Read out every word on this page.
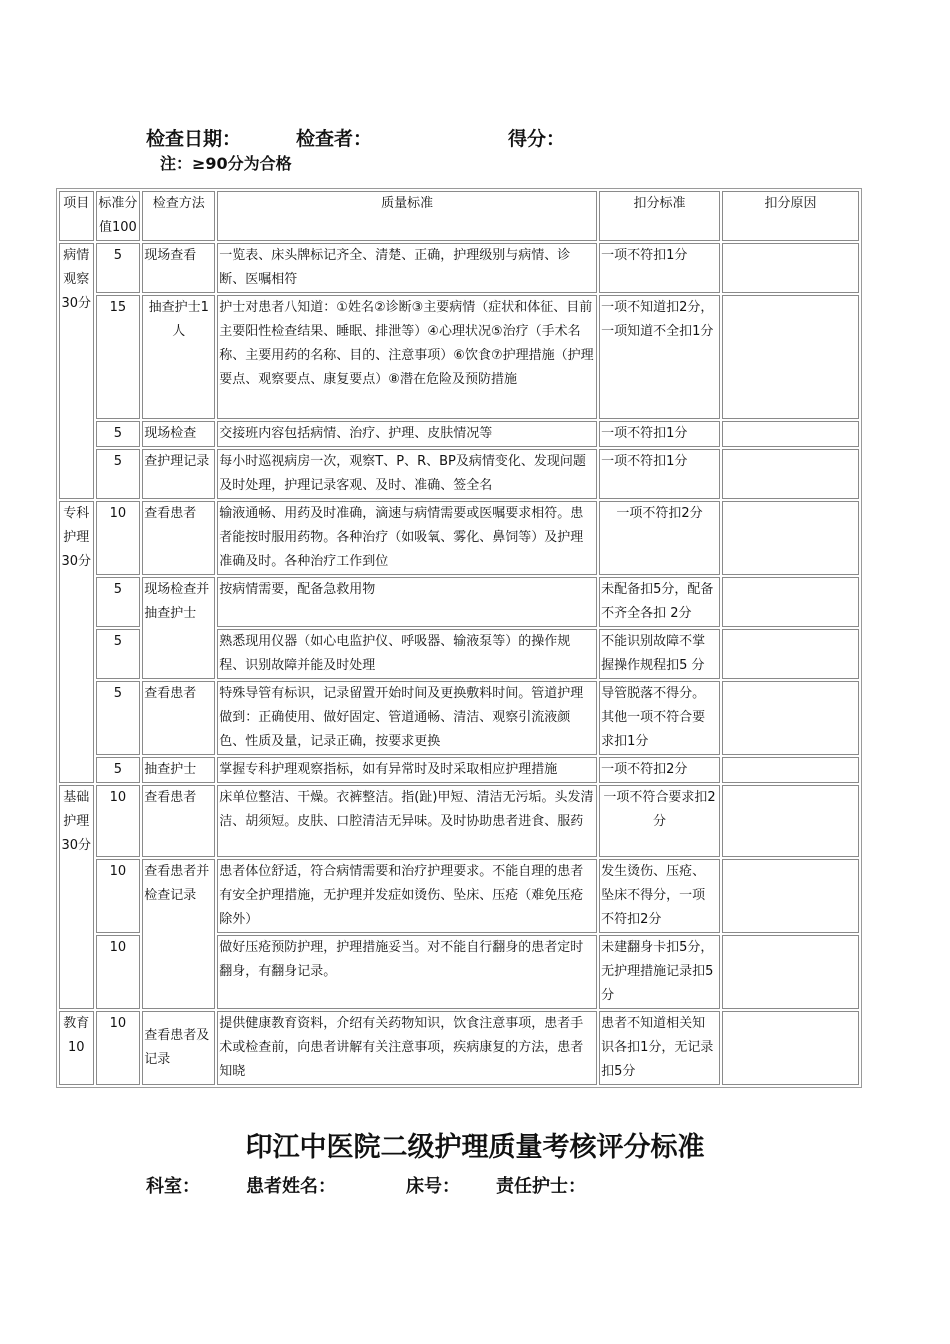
检查日期：	检查者：	得分：
注：≥90分为合格
项目	标准分值100	检查方法	质量标准	扣分标准	扣分原因
病情观察30分	5	现场查看	一览表、床头牌标记齐全、清楚、正确，护理级别与病情、诊断、医嘱相符	一项不符扣1分	
	15	抽查护士1人	护士对患者八知道：①姓名②诊断③主要病情（症状和体征、目前主要阳性检查结果、睡眠、排泄等）④心理状况⑤治疗（手术名称、主要用药的名称、目的、注意事项）⑥饮食⑦护理措施（护理要点、观察要点、康复要点）⑧潜在危险及预防措施	一项不知道扣2分，一项知道不全扣1分	
	5	现场检查	交接班内容包括病情、治疗、护理、皮肤情况等	一项不符扣1分	
	5	查护理记录	每小时巡视病房一次，观察T、P、R、BP及病情变化、发现问题及时处理，护理记录客观、及时、准确、签全名	一项不符扣1分	
专科护理30分	10	查看患者	输液通畅、用药及时准确，滴速与病情需要或医嘱要求相符。患者能按时服用药物。各种治疗（如吸氧、雾化、鼻饲等）及护理准确及时。各种治疗工作到位	一项不符扣2分	
	5	现场检查并抽查护士	按病情需要，配备急救用物	未配备扣5分，配备不齐全各扣 2分	
	5		熟悉现用仪器（如心电监护仪、呼吸器、输液泵等）的操作规程、识别故障并能及时处理	不能识别故障不掌握操作规程扣5 分	
	5	查看患者	特殊导管有标识，记录留置开始时间及更换敷料时间。管道护理做到：正确使用、做好固定、管道通畅、清洁、观察引流液颜色、性质及量，记录正确，按要求更换	导管脱落不得分。其他一项不符合要求扣1分	
	5	抽查护士	掌握专科护理观察指标，如有异常时及时采取相应护理措施	一项不符扣2分	
基础护理30分	10	查看患者	床单位整洁、干燥。衣裤整洁。指(趾)甲短、清洁无污垢。头发清洁、胡须短。皮肤、口腔清洁无异味。及时协助患者进食、服药	一项不符合要求扣2分	
	10	查看患者并检查记录	患者体位舒适，符合病情需要和治疗护理要求。不能自理的患者有安全护理措施，无护理并发症如烫伤、坠床、压疮（难免压疮除外）	发生烫伤、压疮、坠床不得分，一项不符扣2分	
	10		做好压疮预防护理，护理措施妥当。对不能自行翻身的患者定时翻身，有翻身记录。	未建翻身卡扣5分，无护理措施记录扣5分	
教育10	10	查看患者及记录	提供健康教育资料，介绍有关药物知识，饮食注意事项，患者手术或检查前，向患者讲解有关注意事项，疾病康复的方法，患者知晓	患者不知道相关知识各扣1分，无记录扣5分	
印江中医院二级护理质量考核评分标准
科室：	患者姓名：	床号： 责任护士：
